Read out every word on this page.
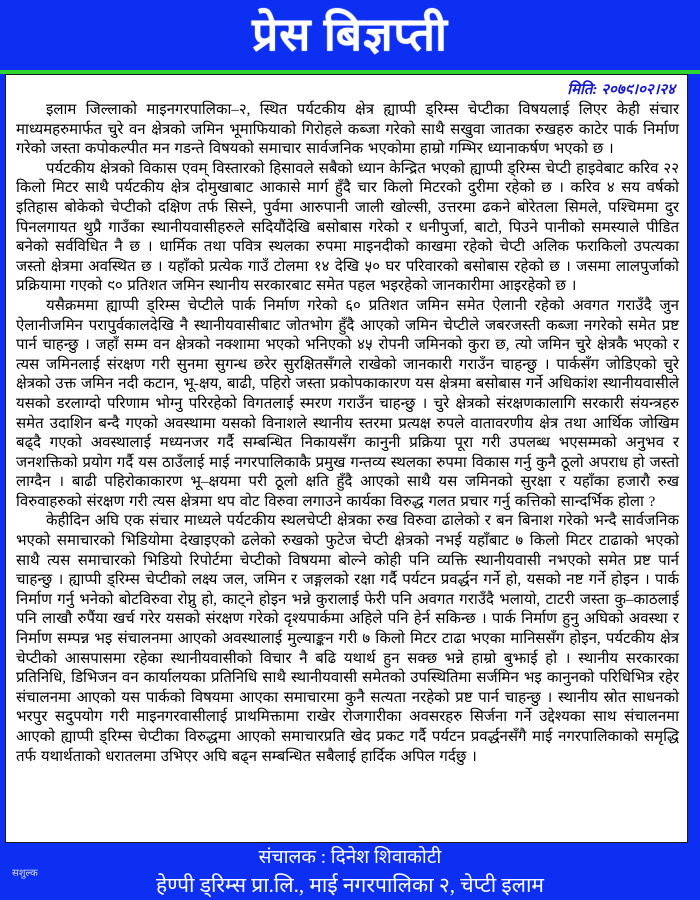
प्रेस बिज्ञप्ती
मिति: २०७९।०२।२४

इलाम जिल्लाको माइनगरपालिका–२, स्थित पर्यटकीय क्षेत्र ह्याप्पी ड्रिम्स चेप्टीका विषयलाई लिएर केही संचार माध्यमहरुमार्फत चुरे वन क्षेत्रको जमिन भूमाफियाको गिरोहले कब्जा गरेको साथै सखुवा जातका रुखहरु काटेर पार्क निर्माण गरेको जस्ता कपोकल्पीत मन गडन्ते विषयको समाचार सार्वजनिक भएकोमा हाम्रो गम्भिर ध्यानाकर्षण भएको छ ।

पर्यटकीय क्षेत्रको विकास एवम् विस्तारको हिसावले सबैको ध्यान केन्द्रित भएको ह्याप्पी ड्रिम्स चेप्टी हाइवेबाट करिव २२ किलो मिटर साथै पर्यटकीय क्षेत्र दोमुखाबाट आकासे मार्ग हुँदै चार किलो मिटरको दुरीमा रहेको छ । करिव ४ सय वर्षको इतिहास बोकेको चेप्टीको दक्षिण तर्फ सिस्ने, पुर्वमा आरुपानी जाली खोल्सी, उत्तरमा ढकने बोरेतला सिमले, पश्चिममा दुर पिनलगायत थुप्रै गाउँका स्थानीयवासीहरुले सदियौंदेखि बसोबास गरेको र धनीपुर्जा, बाटो, पिउने पानीको समस्याले पीडित बनेको सर्वविधित नै छ । धार्मिक तथा पवित्र स्थलका रुपमा माइनदीको काखमा रहेको चेप्टी अलिक फराकिलो उपत्यका जस्तो क्षेत्रमा अवस्थित छ । यहाँको प्रत्येक गाउँ टोलमा १४ देखि ५० घर परिवारको बसोबास रहेको छ । जसमा लालपुर्जाको प्रक्रियामा गएको ९० प्रतिशत जमिन स्थानीय सरकारबाट समेत पहल भइरहेको जानकारीमा आइरहेको छ ।

यसैक्रममा ह्याप्पी ड्रिम्स चेप्टीले पार्क निर्माण गरेको ६० प्रतिशत जमिन समेत ऐलानी रहेको अवगत गराउँदै जुन ऐलानीजमिन परापुर्वकालदेखि नै स्थानीयवासीबाट जोतभोग हुँदै आएको जमिन चेप्टीले जबरजस्ती कब्जा नगरेको समेत प्रष्ट पार्न चाहन्छु । जहाँ सम्म वन क्षेत्रको नक्शामा भएको भनिएको ४५ रोपनी जमिनको कुरा छ, त्यो जमिन चुरे क्षेत्रकै भएको र त्यस जमिनलाई संरक्षण गरी सुनमा सुगन्ध छरेर सुरक्षितसँगले राखेको जानकारी गराउँन चाहन्छु । पार्कसँग जोडिएको चुरे क्षेत्रको उक्त जमिन नदी कटान, भू-क्षय, बाढी, पहिरो जस्ता प्रकोपकाकारण यस क्षेत्रमा बसोबास गर्ने अधिकांश स्थानीयवासीले यसको डरलाग्दो परिणाम भोग्नु परिरहेको विगतलाई स्मरण गराउँन चाहन्छु । चुरे क्षेत्रको संरक्षणकालागि सरकारी संयन्त्रहरु समेत उदाशिन बन्दै गएको अवस्थामा यसको विनाशले स्थानीय स्तरमा प्रत्यक्ष रुपले वातावरणीय क्षेत्र तथा आर्थिक जोखिम बढ्दै गएको अवस्थालाई मध्यनजर गर्दै सम्बन्धित निकायसँग कानुनी प्रक्रिया पूरा गरी उपलब्ध भएसम्मको अनुभव र जनशक्तिको प्रयोग गर्दै यस ठाउँलाई माई नगरपालिकाकै प्रमुख गन्तव्य स्थलका रुपमा विकास गर्नु कुनै ठूलो अपराध हो जस्तो लाग्दैन । बाढी पहिरोकाकारण भू–क्षयमा परी ठूलो क्षति हुँदै आएको साथै यस जमिनको सुरक्षा र यहाँका हजारौ रुख विरुवाहरुको संरक्षण गरी त्यस क्षेत्रमा थप वोट विरुवा लगाउने कार्यका विरुद्ध गलत प्रचार गर्नु कत्तिको सान्दर्भिक होला ?

केहीदिन अघि एक संचार माध्यले पर्यटकीय स्थलचेप्टी क्षेत्रका रुख विरुवा ढालेको र बन बिनाश गरेको भन्दै सार्वजनिक भएको समाचारको भिडियोमा देखाइएको ढलेको रुखको फुटेज चेप्टी क्षेत्रको नभई यहाँबाट ७ किलो मिटर टाढाको भएको साथै त्यस समाचारको भिडियो रिपोर्टमा चेप्टीको विषयमा बोल्ने कोही पनि व्यक्ति स्थानीयवासी नभएको समेत प्रष्ट पार्न चाहन्छु । ह्याप्पी ड्रिम्स चेप्टीको लक्ष्य जल, जमिन र जङ्गलको रक्षा गर्दै पर्यटन प्रवर्द्धन गर्ने हो, यसको नष्ट गर्ने होइन । पार्क निर्माण गर्नु भनेको बोटविरुवा रोप्नु हो, काट्ने होइन भन्ने कुरालाई फेरी पनि अवगत गराउँदै भलायो, टाटरी जस्ता कु–काठलाई पनि लाखौ रुपैंया खर्च गरेर यसको संरक्षण गरेको दृश्यपार्कमा अहिले पनि हेर्न सकिन्छ । पार्क निर्माण हुनु अघिको अवस्था र निर्माण सम्पन्न भइ संचालनमा आएको अवस्थालाई मुल्याङ्कन गरी ७ किलो मिटर टाढा भएका मानिससँग होइन, पर्यटकीय क्षेत्र चेप्टीको आसपासमा रहेका स्थानीयवासीको विचार नै बढि यथार्थ हुन सक्छ भन्ने हाम्रो बुझाई हो । स्थानीय सरकारका प्रतिनिधि, डिभिजन वन कार्यालयका प्रतिनिधि साथै स्थानीयवासी समेतको उपस्थितिमा सर्जमिन भइ कानुनको परिधिभित्र रहेर संचालनमा आएको यस पार्कको विषयमा आएका समाचारमा कुनै सत्यता नरहेको प्रष्ट पार्न चाहन्छु । स्थानीय स्रोत साधनको भरपुर सदुपयोग गरी माइनगरवासीलाई प्राथमिक्तामा राखेर रोजगारीका अवसरहरु सिर्जना गर्ने उद्देश्यका साथ संचालनमा आएको ह्याप्पी ड्रिम्स चेप्टीका विरुद्धमा आएको समाचारप्रति खेद प्रकट गर्दै पर्यटन प्रवर्द्धनसँगै माई नगरपालिकाको समृद्धि तर्फ यथार्थताको धरातलमा उभिएर अघि बढ्न सम्बन्धित सबैलाई हार्दिक अपिल गर्दछु ।

सशुल्क
संचालक : दिनेश शिवाकोटी
हेण्पी ड्रिम्स प्रा.लि., माई नगरपालिका २, चेप्टी इलाम
